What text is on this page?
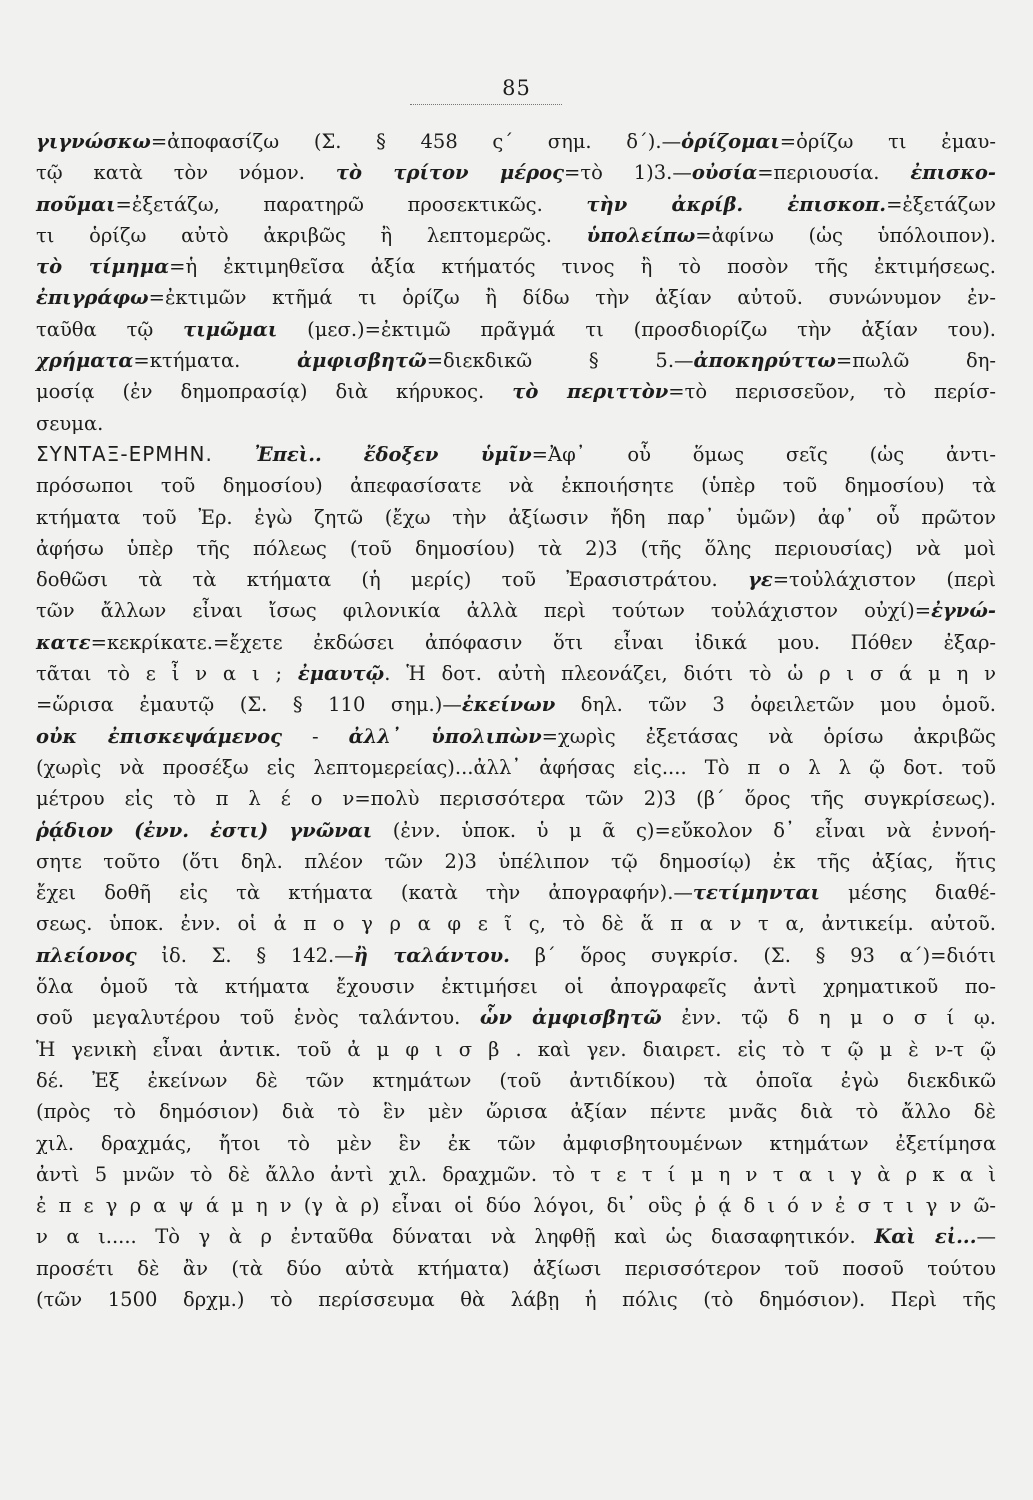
85
γιγνώσκω=ἀποφασίζω (Σ. § 458 ς΄ σημ. δ΄).—ὁρίζομαι=ὁρίζω τι ἐμαυ-
τῷ κατὰ τὸν νόμον. τὸ τρίτον μέρος=τὸ 1)3.—οὐσία=περιουσία. ἐπισκο-
ποῦμαι=ἐξετάζω, παρατηρῶ προσεκτικῶς. τὴν ἀκρίβ. ἐπισκοπ.=ἐξετάζων
τι ὁρίζω αὐτὸ ἀκριβῶς ἢ λεπτομερῶς. ὑπολείπω=ἀφίνω (ὡς ὑπόλοιπον).
τὸ τίμημα=ἡ ἐκτιμηθεῖσα ἀξία κτήματός τινος ἢ τὸ ποσὸν τῆς ἐκτιμήσεως.
ἐπιγράφω=ἐκτιμῶν κτῆμά τι ὁρίζω ἢ δίδω τὴν ἀξίαν αὐτοῦ. συνώνυμον ἐν-
ταῦθα τῷ τιμῶμαι (μεσ.)=ἐκτιμῶ πρᾶγμά τι (προσδιορίζω τὴν ἀξίαν του).
χρήματα=κτήματα. ἀμφισβητῶ=διεκδικῶ § 5.—ἀποκηρύττω=πωλῶ δη-
μοσίᾳ (ἐν δημοπρασίᾳ) διὰ κήρυκος. τὸ περιττὸν=τὸ περισσεῦον, τὸ περίσ-
σευμα.
ΣΥΝΤΑΞ-ΕΡΜΗΝ. Ἐπεὶ.. ἔδοξεν ὑμῖν=Ἀφ᾽ οὗ ὅμως σεῖς (ὡς ἀντι-
πρόσωποι τοῦ δημοσίου) ἀπεφασίσατε νὰ ἐκποιήσητε (ὑπὲρ τοῦ δημοσίου) τὰ
κτήματα τοῦ Ἐρ. ἐγὼ ζητῶ (ἔχω τὴν ἀξίωσιν ἤδη παρ᾽ ὑμῶν) ἀφ᾽ οὗ πρῶτον
ἀφήσω ὑπὲρ τῆς πόλεως (τοῦ δημοσίου) τὰ 2)3 (τῆς ὅλης περιουσίας) νὰ μοὶ
δοθῶσι τὰ τὰ κτήματα (ἡ μερίς) τοῦ Ἐρασιστράτου. γε=τοὐλάχιστον (περὶ
τῶν ἄλλων εἶναι ἴσως φιλονικία ἀλλὰ περὶ τούτων τοὐλάχιστον οὐχί)=ἐγνώ-
κατε=κεκρίκατε.=ἔχετε ἐκδώσει ἀπόφασιν ὅτι εἶναι ἰδικά μου. Πόθεν ἐξαρ-
τᾶται τὸ ε ἶ ν α ι ; ἐμαυτῷ. Ἡ δοτ. αὐτὴ πλεονάζει, διότι τὸ ὡ ρ ι σ ά μ η ν
=ὥρισα ἐμαυτῷ (Σ. § 110 σημ.)—ἐκείνων δηλ. τῶν 3 ὀφειλετῶν μου ὁμοῦ.
οὐκ ἐπισκεψάμενος - ἀλλ᾽ ὑπολιπὼν=χωρὶς ἐξετάσας νὰ ὁρίσω ἀκριβῶς
(χωρὶς νὰ προσέξω εἰς λεπτομερείας)...ἀλλ᾽ ἀφήσας εἰς.... Τὸ π ο λ λ ῷ δοτ. τοῦ
μέτρου εἰς τὸ π λ έ ο ν=πολὺ περισσότερα τῶν 2)3 (β΄ ὅρος τῆς συγκρίσεως).
ῥᾴδιον (ἐνν. ἐστι) γνῶναι (ἐνν. ὑποκ. ὑ μ ᾶ ς)=εὔκολον δ᾽ εἶναι νὰ ἐννοή-
σητε τοῦτο (ὅτι δηλ. πλέον τῶν 2)3 ὑπέλιπον τῷ δημοσίῳ) ἐκ τῆς ἀξίας, ἥτις
ἔχει δοθῆ εἰς τὰ κτήματα (κατὰ τὴν ἀπογραφήν).—τετίμηνται μέσης διαθέ-
σεως. ὑποκ. ἐνν. οἱ ἀ π ο γ ρ α φ ε ῖ ς, τὸ δὲ ἅ π α ν τ α, ἀντικείμ. αὐτοῦ.
πλείονος ἰδ. Σ. § 142.—ἢ ταλάντου. β΄ ὅρος συγκρίσ. (Σ. § 93 α΄)=διότι
ὅλα ὁμοῦ τὰ κτήματα ἔχουσιν ἐκτιμήσει οἱ ἀπογραφεῖς ἀντὶ χρηματικοῦ πο-
σοῦ μεγαλυτέρου τοῦ ἑνὸς ταλάντου. ὧν ἀμφισβητῶ ἐνν. τῷ δ η μ ο σ ί ῳ.
Ἡ γενικὴ εἶναι ἀντικ. τοῦ ἀ μ φ ι σ β . καὶ γεν. διαιρετ. εἰς τὸ τ ῷ μ ὲ ν-τ ῷ
δέ. Ἐξ ἐκείνων δὲ τῶν κτημάτων (τοῦ ἀντιδίκου) τὰ ὁποῖα ἐγὼ διεκδικῶ
(πρὸς τὸ δημόσιον) διὰ τὸ ἓν μὲν ὥρισα ἀξίαν πέντε μνᾶς διὰ τὸ ἄλλο δὲ
χιλ. δραχμάς, ἤτοι τὸ μὲν ἓν ἐκ τῶν ἀμφισβητουμένων κτημάτων ἐξετίμησα
ἀντὶ 5 μνῶν τὸ δὲ ἄλλο ἀντὶ χιλ. δραχμῶν. τὸ τ ε τ ί μ η ν τ α ι γ ὰ ρ κ α ὶ
ἐ π ε γ ρ α ψ ά μ η ν (γ ὰ ρ) εἶναι οἱ δύο λόγοι, δι᾽ οὓς ῥ ᾴ δ ι ό ν ἐ σ τ ι γ ν ῶ-
ν α ι..... Τὸ γ ὰ ρ ἐνταῦθα δύναται νὰ ληφθῇ καὶ ὡς διασαφητικόν. Καὶ εἰ...—
προσέτι δὲ ἂν (τὰ δύο αὐτὰ κτήματα) ἀξίωσι περισσότερον τοῦ ποσοῦ τούτου
(τῶν 1500 δρχμ.) τὸ περίσσευμα θὰ λάβῃ ἡ πόλις (τὸ δημόσιον). Περὶ τῆς
